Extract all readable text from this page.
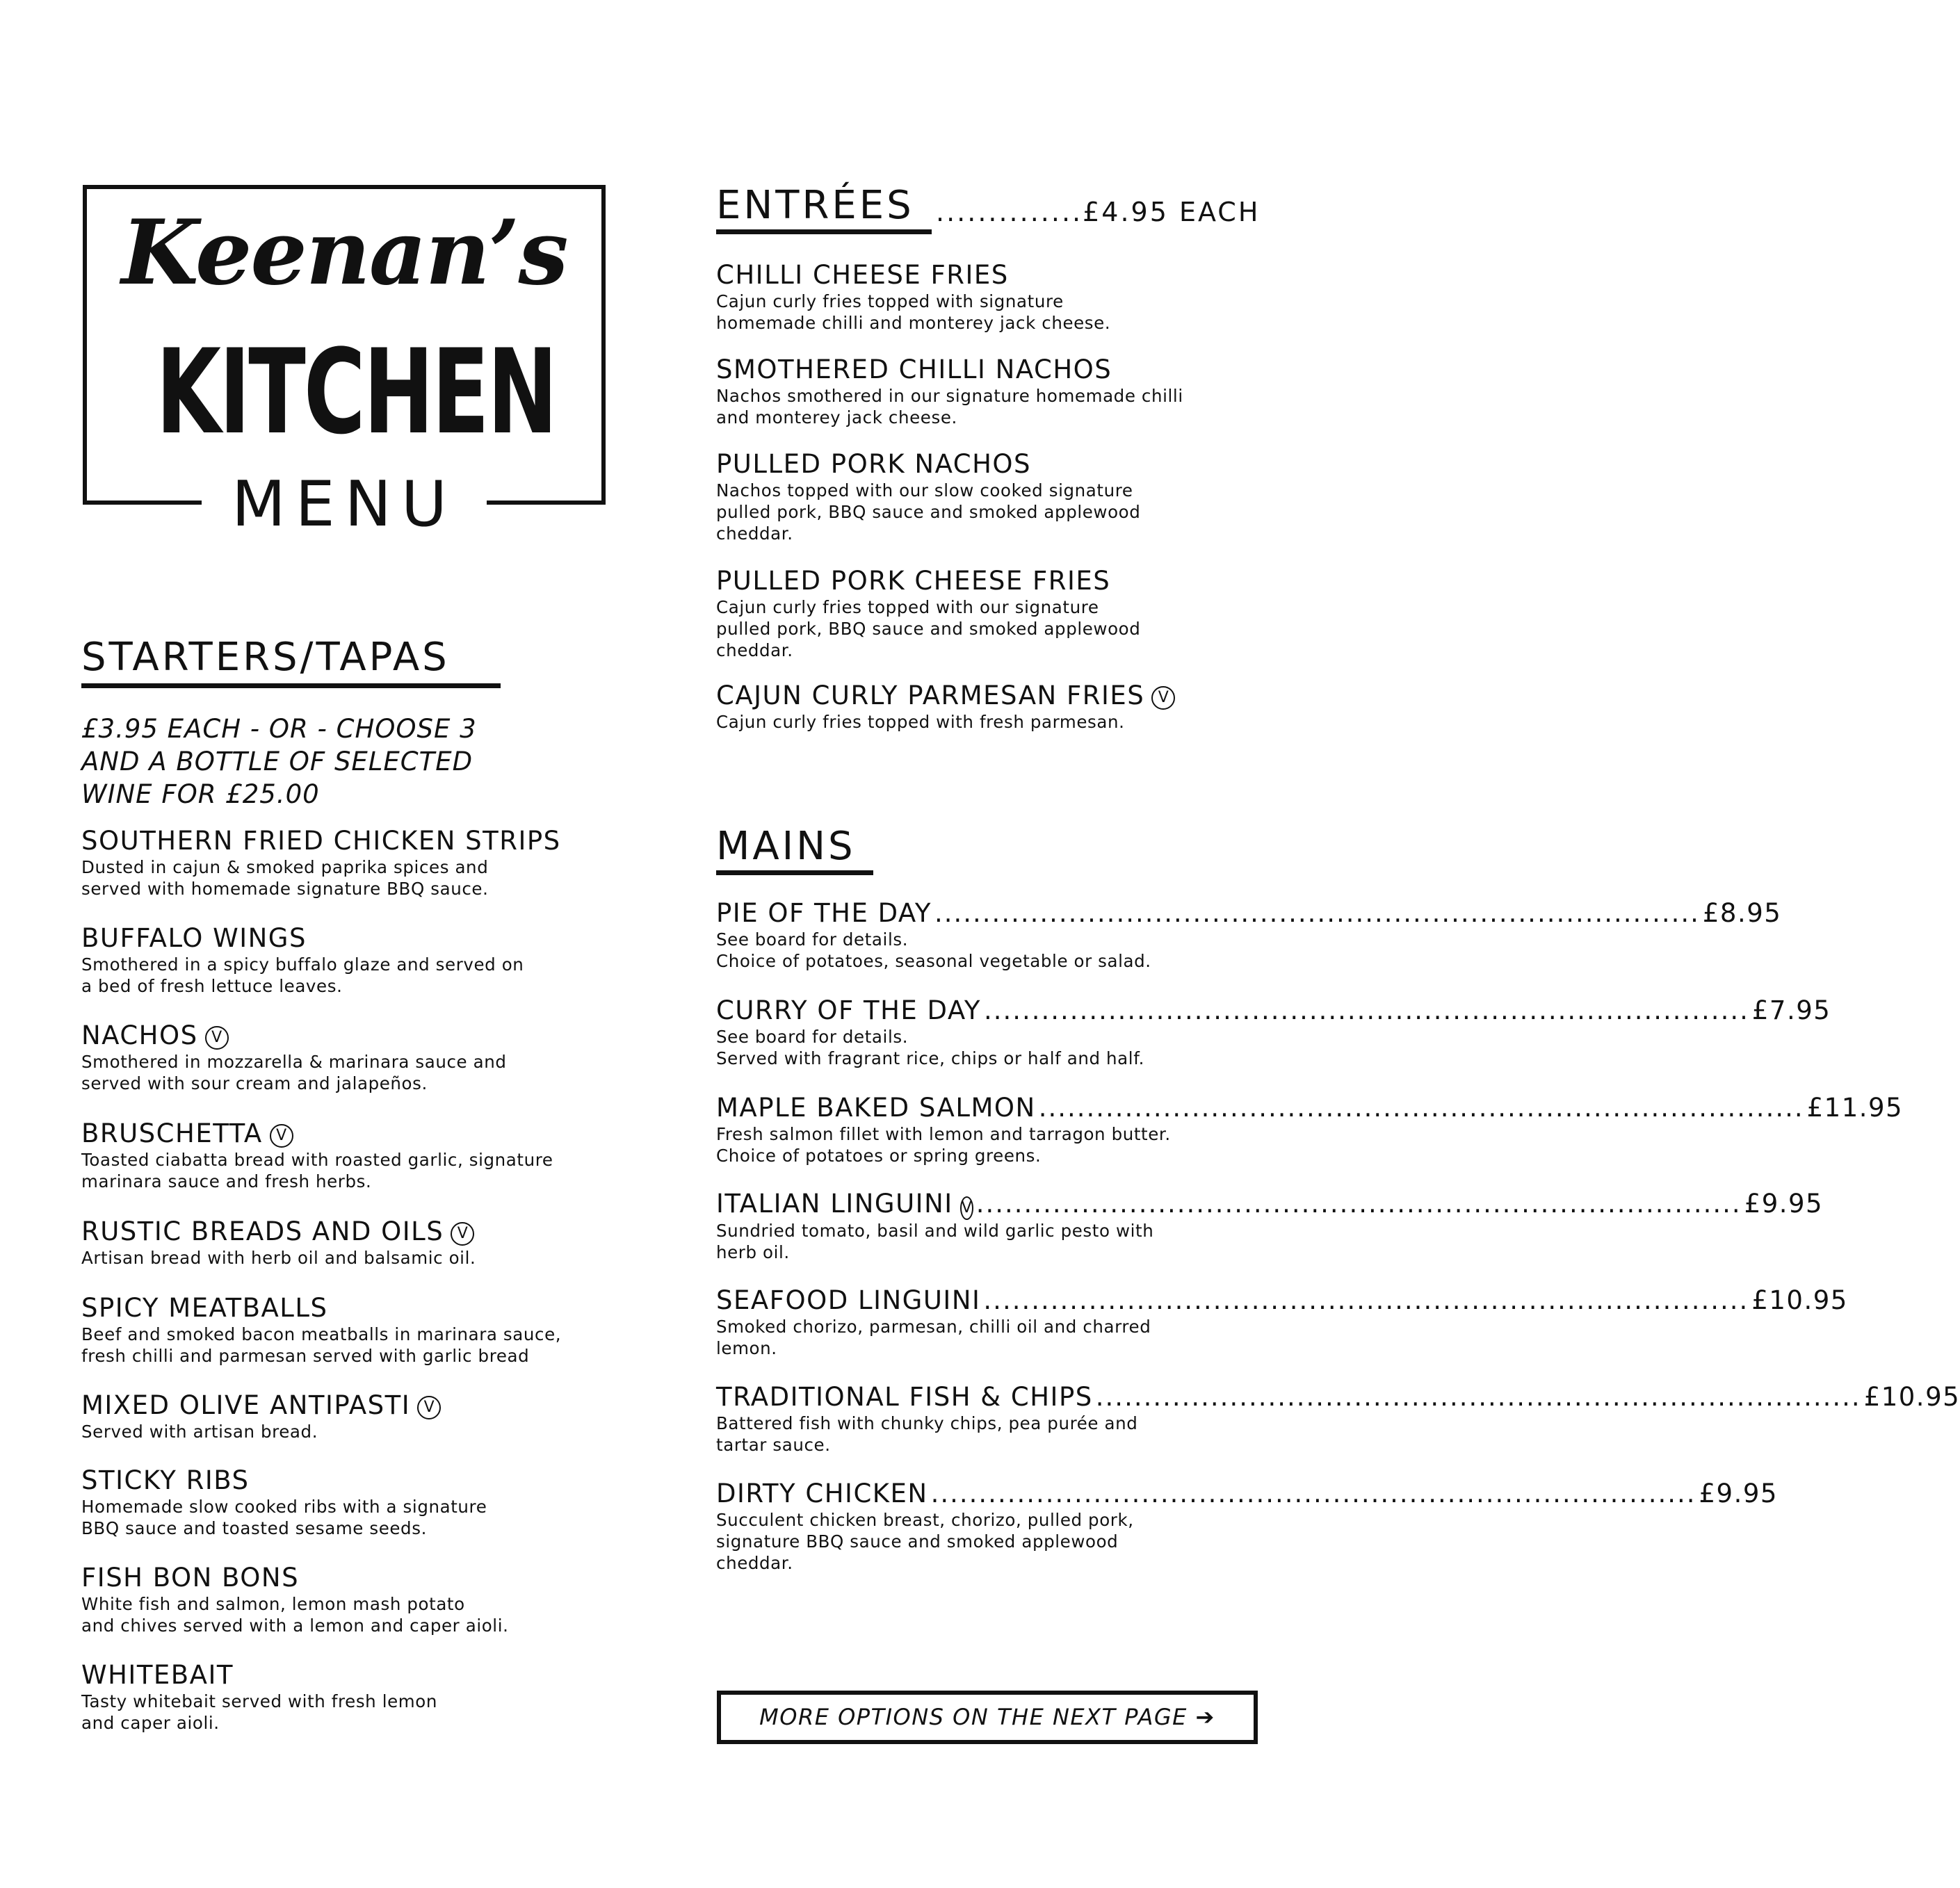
Keenan’s
KITCHEN
MENU
STARTERS/TAPAS
£3.95 EACH - OR - CHOOSE 3
AND A BOTTLE OF SELECTED
WINE FOR £25.00
SOUTHERN FRIED CHICKEN STRIPS
Dusted in cajun & smoked paprika spices and
served with homemade signature BBQ sauce.
BUFFALO WINGS
Smothered in a spicy buffalo glaze and served on
a bed of fresh lettuce leaves.
NACHOS V
Smothered in mozzarella & marinara sauce and
served with sour cream and jalapeños.
BRUSCHETTA V
Toasted ciabatta bread with roasted garlic, signature
marinara sauce and fresh herbs.
RUSTIC BREADS AND OILS V
Artisan bread with herb oil and balsamic oil.
SPICY MEATBALLS
Beef and smoked bacon meatballs in marinara sauce,
fresh chilli and parmesan served with garlic bread
MIXED OLIVE ANTIPASTI V
Served with artisan bread.
STICKY RIBS
Homemade slow cooked ribs with a signature
BBQ sauce and toasted sesame seeds.
FISH BON BONS
White fish and salmon, lemon mash potato
and chives served with a lemon and caper aioli.
WHITEBAIT
Tasty whitebait served with fresh lemon
and caper aioli.
ENTRÉES .............. £4.95 EACH
CHILLI CHEESE FRIES
Cajun curly fries topped with signature
homemade chilli and monterey jack cheese.
SMOTHERED CHILLI NACHOS
Nachos smothered in our signature homemade chilli
and monterey jack cheese.
PULLED PORK NACHOS
Nachos topped with our slow cooked signature
pulled pork, BBQ sauce and smoked applewood
cheddar.
PULLED PORK CHEESE FRIES
Cajun curly fries topped with our signature
pulled pork, BBQ sauce and smoked applewood
cheddar.
CAJUN CURLY PARMESAN FRIES V
Cajun curly fries topped with fresh parmesan.
MAINS
PIE OF THE DAY ................................................................................ £8.95
See board for details.
Choice of potatoes, seasonal vegetable or salad.
CURRY OF THE DAY ................................................................................ £7.95
See board for details.
Served with fragrant rice, chips or half and half.
MAPLE BAKED SALMON ................................................................................ £11.95
Fresh salmon fillet with lemon and tarragon butter.
Choice of potatoes or spring greens.
ITALIAN LINGUINI V ................................................................................ £9.95
Sundried tomato, basil and wild garlic pesto with
herb oil.
SEAFOOD LINGUINI ................................................................................ £10.95
Smoked chorizo, parmesan, chilli oil and charred
lemon.
TRADITIONAL FISH & CHIPS ................................................................................ £10.95
Battered fish with chunky chips, pea purée and
tartar sauce.
DIRTY CHICKEN ................................................................................ £9.95
Succulent chicken breast, chorizo, pulled pork,
signature BBQ sauce and smoked applewood
cheddar.
MORE OPTIONS ON THE NEXT PAGE ➔
